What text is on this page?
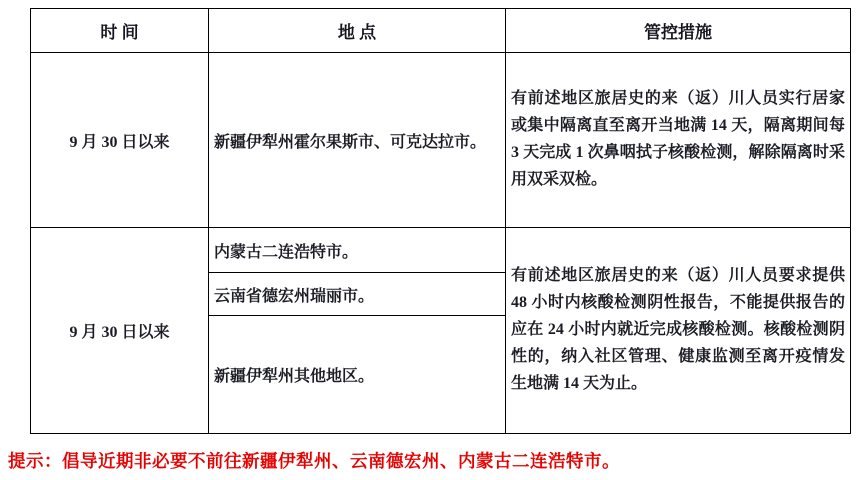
时 间	地 点	管控措施
9 月 30 日以来	新疆伊犁州霍尔果斯市、可克达拉市。	有前述地区旅居史的来（返）川人员实行居家或集中隔离直至离开当地满 14 天，隔离期间每 3 天完成 1 次鼻咽拭子核酸检测，解除隔离时采用双采双检。
9 月 30 日以来	内蒙古二连浩特市。	有前述地区旅居史的来（返）川人员要求提供 48 小时内核酸检测阴性报告，不能提供报告的应在 24 小时内就近完成核酸检测。核酸检测阴性的，纳入社区管理、健康监测至离开疫情发生地满 14 天为止。
	云南省德宏州瑞丽市。	
	新疆伊犁州其他地区。	
提示：倡导近期非必要不前往新疆伊犁州、云南德宏州、内蒙古二连浩特市。
